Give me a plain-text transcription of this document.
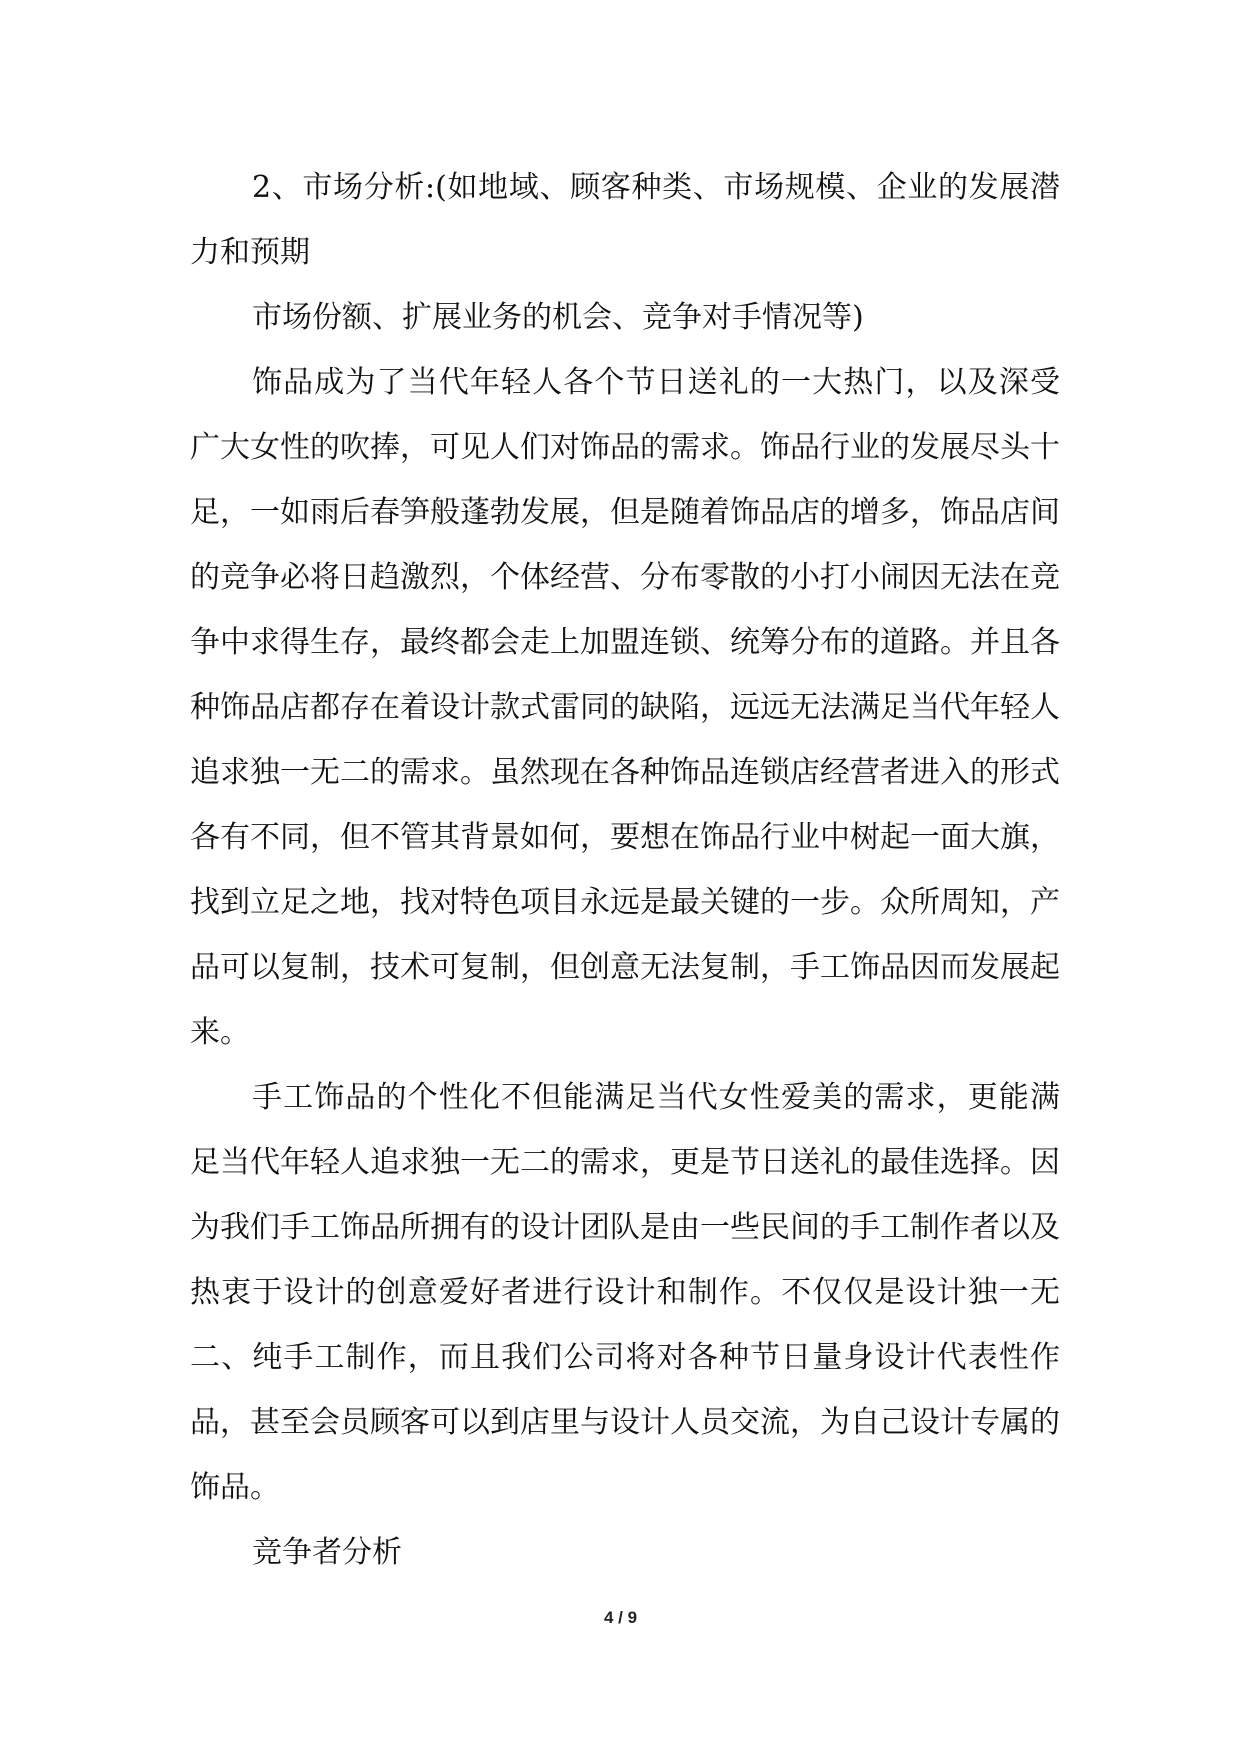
2、市场分析:(如地域、顾客种类、市场规模、企业的发展潜力和预期

市场份额、扩展业务的机会、竞争对手情况等)

饰品成为了当代年轻人各个节日送礼的一大热门，以及深受广大女性的吹捧，可见人们对饰品的需求。饰品行业的发展尽头十足，一如雨后春笋般蓬勃发展，但是随着饰品店的增多，饰品店间的竞争必将日趋激烈，个体经营、分布零散的小打小闹因无法在竞争中求得生存，最终都会走上加盟连锁、统筹分布的道路。并且各种饰品店都存在着设计款式雷同的缺陷，远远无法满足当代年轻人追求独一无二的需求。虽然现在各种饰品连锁店经营者进入的形式各有不同，但不管其背景如何，要想在饰品行业中树起一面大旗，找到立足之地，找对特色项目永远是最关键的一步。众所周知，产品可以复制，技术可复制，但创意无法复制，手工饰品因而发展起来。

手工饰品的个性化不但能满足当代女性爱美的需求，更能满足当代年轻人追求独一无二的需求，更是节日送礼的最佳选择。因为我们手工饰品所拥有的设计团队是由一些民间的手工制作者以及热衷于设计的创意爱好者进行设计和制作。不仅仅是设计独一无二、纯手工制作，而且我们公司将对各种节日量身设计代表性作品，甚至会员顾客可以到店里与设计人员交流，为自己设计专属的饰品。

竞争者分析

4 / 9
